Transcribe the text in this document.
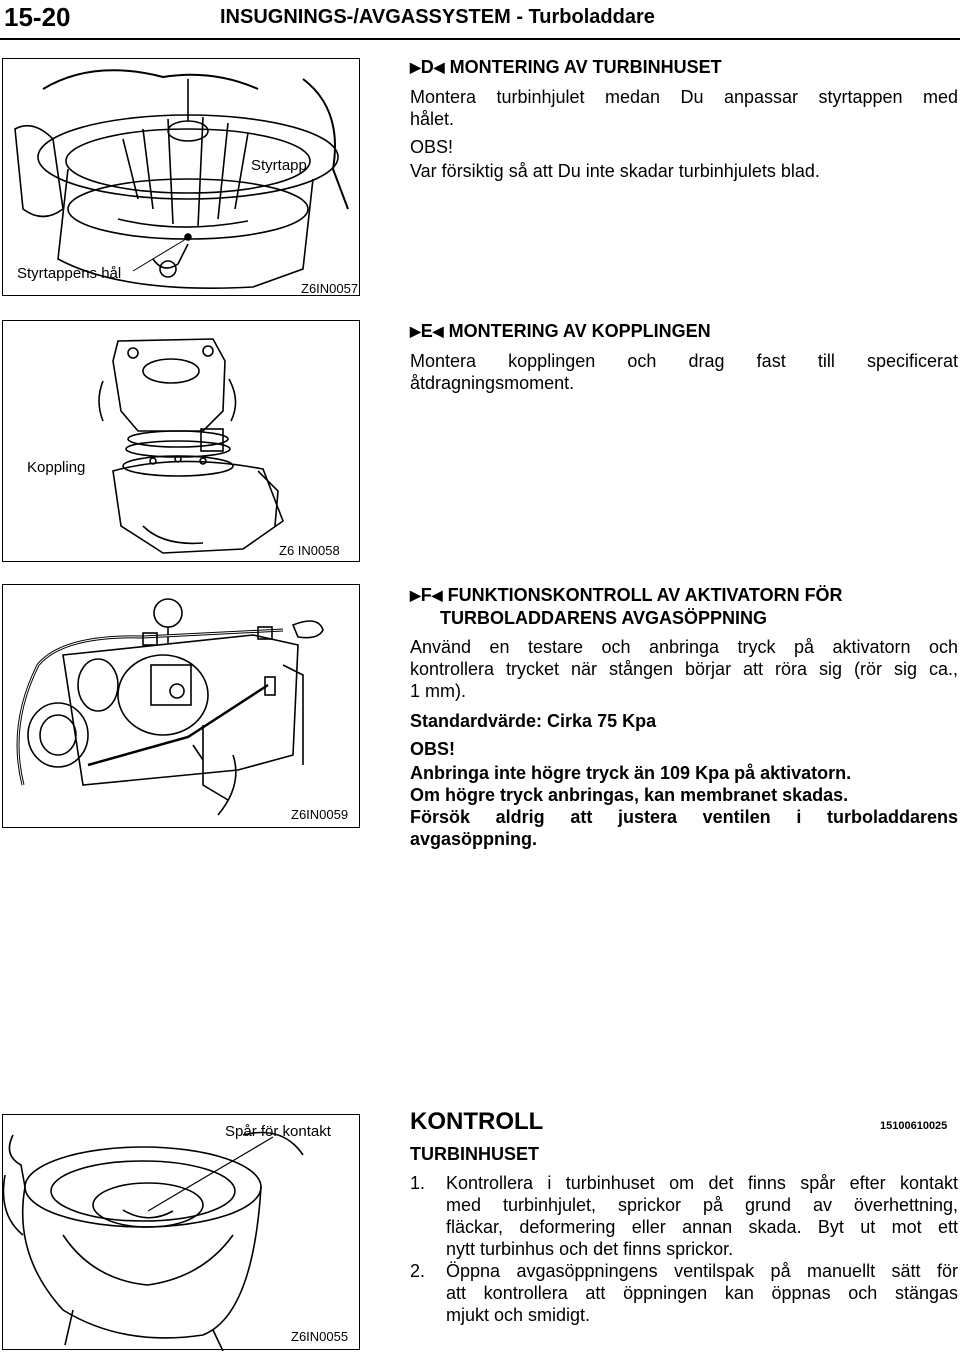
15-20	INSUGNINGS-/AVGASSYSTEM - Turboladdare
Styrtapp
Styrtappens hål
Z6IN0057
Koppling
Z6 IN0058
Z6IN0059
Spår för kontakt
Z6IN0055
▶D◀ MONTERING AV TURBINHUSET
Montera turbinhjulet medan Du anpassar styrtappen med
hålet.
OBS!
Var försiktig så att Du inte skadar turbinhjulets blad.
▶E◀ MONTERING AV KOPPLINGEN
Montera kopplingen och drag fast till specificerat
åtdragningsmoment.
▶F◀ FUNKTIONSKONTROLL AV AKTIVATORN FÖR
TURBOLADDARENS AVGASÖPPNING
Använd en testare och anbringa tryck på aktivatorn och
kontrollera trycket när stången börjar att röra sig (rör sig ca.,
1 mm).
Standardvärde: Cirka 75 Kpa
OBS!
Anbringa inte högre tryck än 109 Kpa på aktivatorn.
Om högre tryck anbringas, kan membranet skadas.
Försök aldrig att justera ventilen i turboladdarens
avgasöppning.
KONTROLL	15100610025
TURBINHUSET
1. Kontrollera i turbinhuset om det finns spår efter kontakt
med turbinhjulet, sprickor på grund av överhettning,
fläckar, deformering eller annan skada. Byt ut mot ett
nytt turbinhus och det finns sprickor.
2. Öppna avgasöppningens ventilspak på manuellt sätt för
att kontrollera att öppningen kan öppnas och stängas
mjukt och smidigt.
